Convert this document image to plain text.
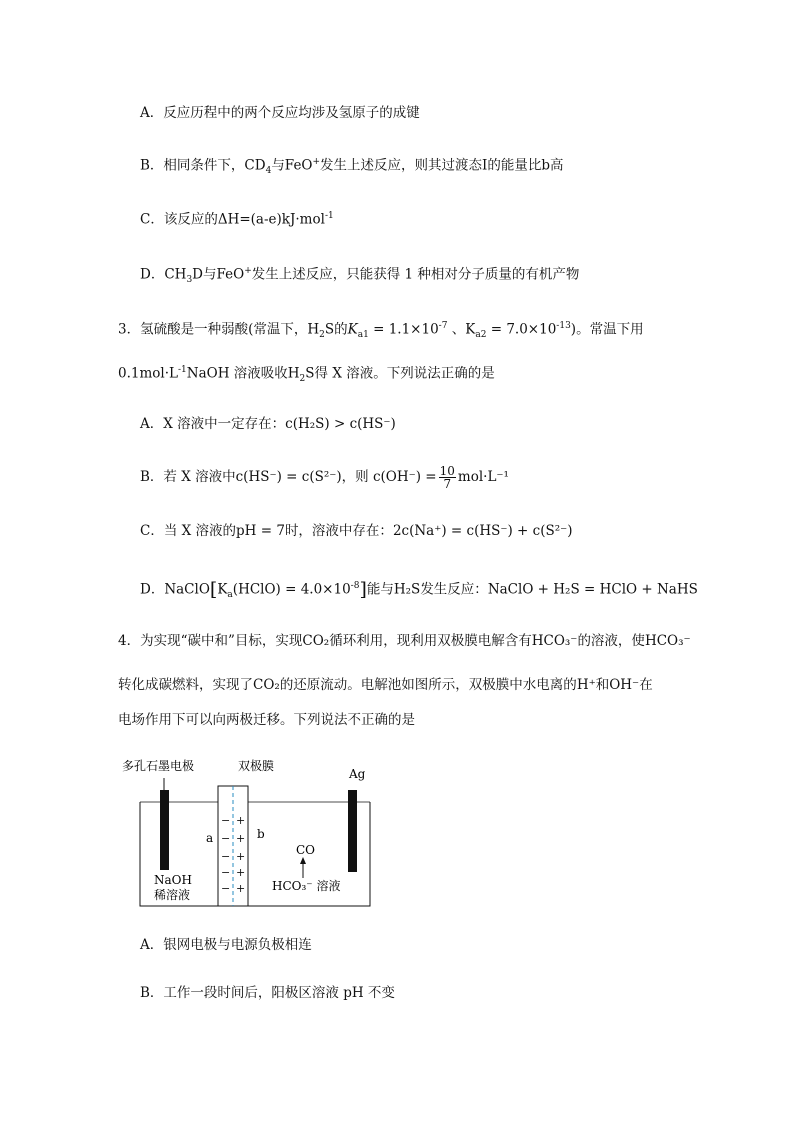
A．反应历程中的两个反应均涉及氢原子的成键
B．相同条件下，$CD_4$与FeO+发生上述反应，则其过渡态Ⅰ的能量比b高
C．该反应的ΔH=(a-e)kJ·mol$^{-1}$
D．$CH_3D$与FeO+发生上述反应，只能获得 1 种相对分子质量的有机产物
3．氢硫酸是一种弱酸(常温下，$H_2S$的$K_{a1} = 1.1\times 10^{-7}$ 、$K_{a2} = 7.0\times 10^{-13}$)。常温下用
$0.1mol\cdot L^{-1}NaOH$ 溶液吸收$H_2S$得 X 溶液。下列说法正确的是
A．X 溶液中一定存在：c(H₂S) > c(HS⁻)
B．若 X 溶液中c(HS⁻) = c(S²⁻)，则 $c(OH^-) = \frac{10}{7} mol\cdot L^{-1}$
C．当 X 溶液的pH = 7时，溶液中存在：2c(Na⁺) = c(HS⁻) + c(S²⁻)
D．$NaClO[K_a(HClO) = 4.0\times 10^{-8}]$能与H₂S发生反应：NaClO + H₂S = HClO + NaHS
4．为实现“碳中和”目标，实现CO₂循环利用，现利用双极膜电解含有HCO₃⁻的溶液，使HCO₃⁻
转化成碳燃料，实现了CO₂的还原流动。电解池如图所示，双极膜中水电离的H⁺和OH⁻在
电场作用下可以向两极迁移。下列说法不正确的是
−
−
−
−
−
+
+
+
+
+
多孔石墨电极	双极膜
Ag
a	b
CO
HCO₃⁻ 溶液
NaOH
稀溶液
A．银网电极与电源负极相连
B．工作一段时间后，阳极区溶液 pH 不变
